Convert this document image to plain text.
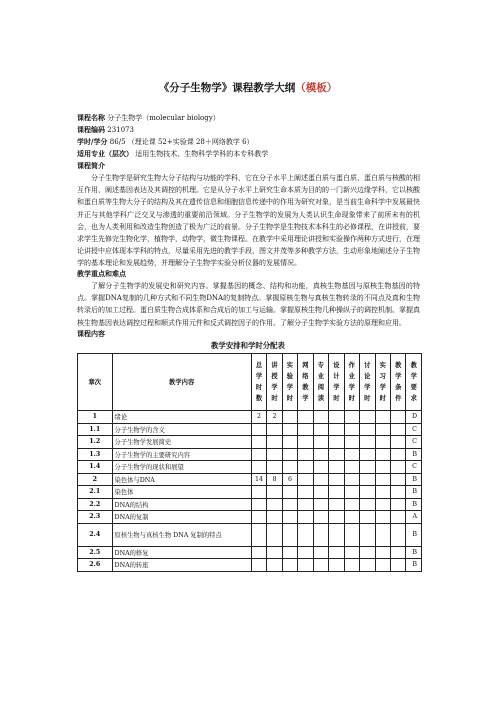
《分子生物学》课程教学大纲（模板）
课程名称 分子生物学（molecular biology）
课程编码 231073
学时/学分 86/5 （理论课 52+实验课 28＋网络教学 6）
适用专业（层次） 适用生物技术、生物科学学科的本专科教学
课程简介
分子生物学是研究生物大分子结构与功能的学科，它在分子水平上阐述蛋白质与蛋白质、蛋白质与核酸的相互作用，阐述基因表达及其调控的机理。它是从分子水平上研究生命本质为目的的一门新兴边缘学科，它以核酸和蛋白质等生物大分子的结构及其在遗传信息和细胞信息传递中的作用为研究对象，是当前生命科学中发展最快并正与其他学科广泛交叉与渗透的重要前沿领域。分子生物学的发展为人类认识生命现象带来了前所未有的机会，也为人类利用和改造生物创造了极为广泛的前景。分子生物学是生物技术本科生的必修课程，在讲授前，要求学生先修完生物化学，植物学，动物学，微生物课程。在教学中采用理论讲授和实验操作两种方式进行，在理论讲授中应体现本学科的特点，尽量采用先进的教学手段，图文并茂等多种教学方法，生动形象地阐述分子生物学的基本理论和发展趋势，并理解分子生物学实验分析仪器的发展情况。
教学重点和难点
了解分子生物学的发展史和研究内容。掌握基因的概念、结构和功能，真核生物基因与原核生物基因的特点。掌握DNA复制的几种方式和不同生物DNA的复制特点。掌握原核生物与真核生物转录的不同点及真和生物转录后的加工过程。蛋白质生物合成体系和合成后的加工与运输。掌握原核生物几种操纵子的调控机制。掌握真核生物基因表达调控过程和顺式作用元件和反式调控因子的作用。了解分子生物学实验方法的原理和应用。
课程内容
教学安排和学时分配表
章次	教学内容	总学时数	讲授学时	实验学时	网络教学	专业阅读	设计学时	作业学时	讨论学时	实习学时	教学条件	教学要求
1	绪论	2	2									D
1.1	分子生物学的含义											C
1.2	分子生物学发展简史											C
1.3	分子生物学的主要研究内容											B
1.4	分子生物学的现状和展望											C
2	染色体与DNA	14	8	6								B
2.1	染色体											B
2.2	DNA的结构											B
2.3	DNA的复制											A
2.4	原核生物与真核生物 DNA 复制的特点											B
2.5	DNA的修复											B
2.6	DNA的转座											B
